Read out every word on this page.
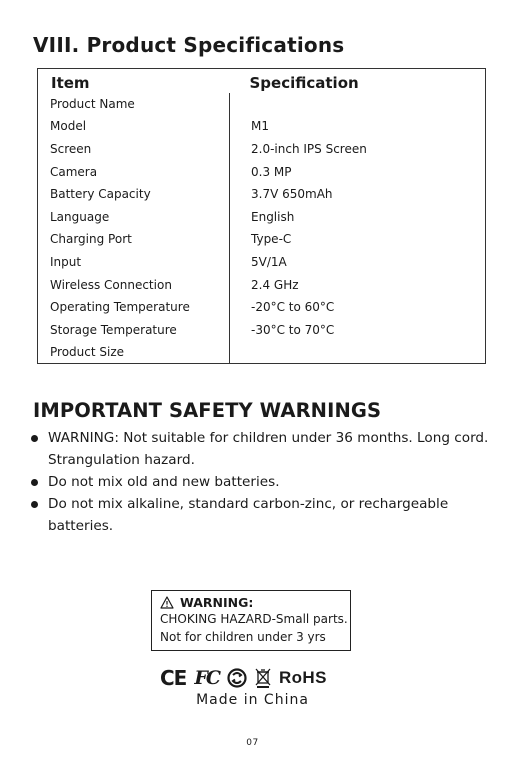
VIII. Product Specifications
Item	Specification
Product Name	
Model	M1
Screen	2.0-inch IPS Screen
Camera	0.3 MP
Battery Capacity	3.7V 650mAh
Language	English
Charging Port	Type-C
Input	5V/1A
Wireless Connection	2.4 GHz
Operating Temperature	-20°C to 60°C
Storage Temperature	-30°C to 70°C
Product Size	
IMPORTANT SAFETY WARNINGS
WARNING: Not suitable for children under 36 months. Long cord. Strangulation hazard.
Do not mix old and new batteries.
Do not mix alkaline, standard carbon-zinc, or rechargeable batteries.
WARNING:
CHOKING HAZARD-Small parts.
Not for children under 3 yrs
CE FC	RoHS
Made in China
07
